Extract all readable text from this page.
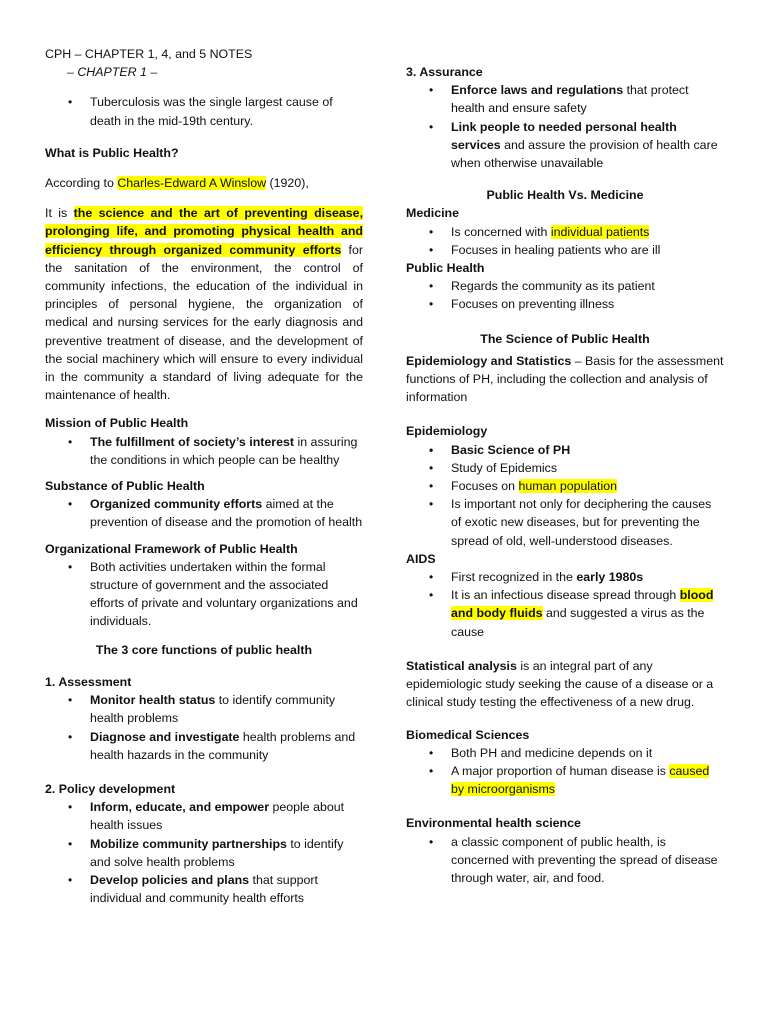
CPH – CHAPTER 1, 4, and 5 NOTES
– CHAPTER 1 –
• Tuberculosis was the single largest cause of death in the mid-19th century.
What is Public Health?
According to Charles-Edward A Winslow (1920),

It is the science and the art of preventing disease, prolonging life, and promoting physical health and efficiency through organized community efforts for the sanitation of the environment, the control of community infections, the education of the individual in principles of personal hygiene, the organization of medical and nursing services for the early diagnosis and preventive treatment of disease, and the development of the social machinery which will ensure to every individual in the community a standard of living adequate for the maintenance of health.

Mission of Public Health
• The fulfillment of society’s interest in assuring the conditions in which people can be healthy
Substance of Public Health
• Organized community efforts aimed at the prevention of disease and the promotion of health
Organizational Framework of Public Health
• Both activities undertaken within the formal structure of government and the associated efforts of private and voluntary organizations and individuals.
The 3 core functions of public health
1. Assessment
• Monitor health status to identify community health problems
• Diagnose and investigate health problems and health hazards in the community
2. Policy development
• Inform, educate, and empower people about health issues
• Mobilize community partnerships to identify and solve health problems
• Develop policies and plans that support individual and community health efforts
3. Assurance
• Enforce laws and regulations that protect health and ensure safety
• Link people to needed personal health services and assure the provision of health care when otherwise unavailable
Public Health Vs. Medicine
Medicine
• Is concerned with individual patients
• Focuses in healing patients who are ill
Public Health
• Regards the community as its patient
• Focuses on preventing illness
The Science of Public Health
Epidemiology and Statistics – Basis for the assessment functions of PH, including the collection and analysis of information
Epidemiology
• Basic Science of PH
• Study of Epidemics
• Focuses on human population
• Is important not only for deciphering the causes of exotic new diseases, but for preventing the spread of old, well-understood diseases.
AIDS
• First recognized in the early 1980s
• It is an infectious disease spread through blood and body fluids and suggested a virus as the cause
Statistical analysis is an integral part of any epidemiologic study seeking the cause of a disease or a clinical study testing the effectiveness of a new drug.
Biomedical Sciences
• Both PH and medicine depends on it
• A major proportion of human disease is caused by microorganisms
Environmental health science
• a classic component of public health, is concerned with preventing the spread of disease through water, air, and food.
